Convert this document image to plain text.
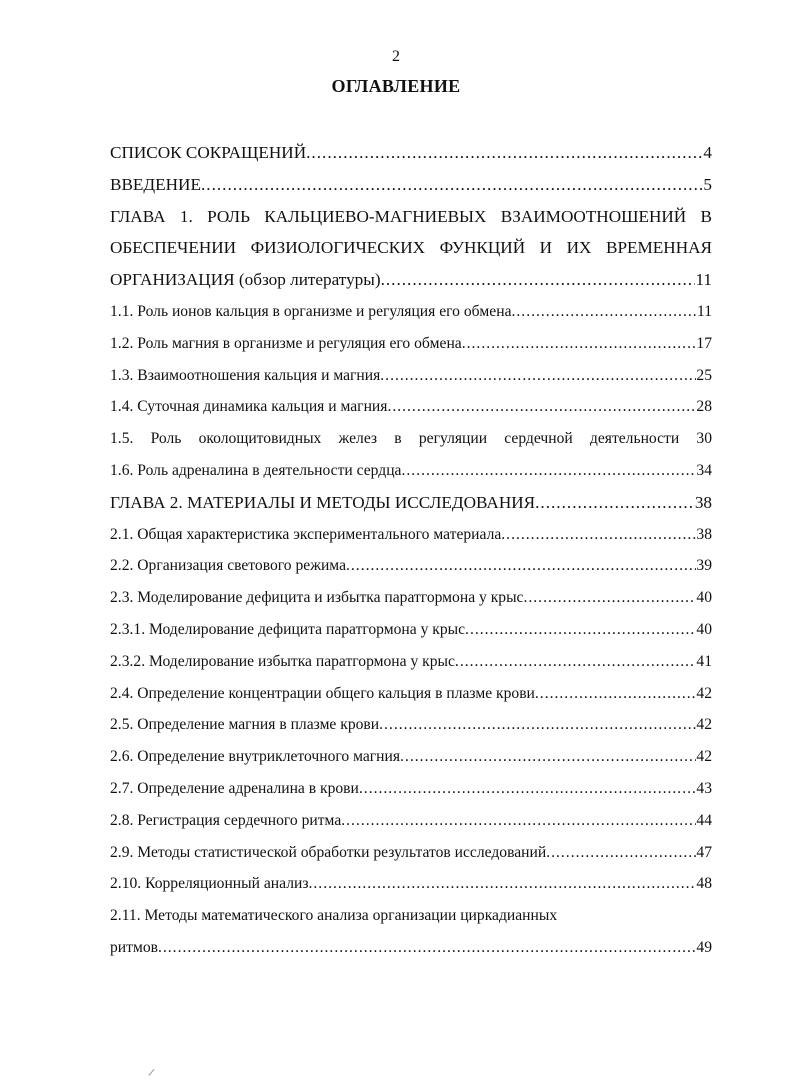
2
ОГЛАВЛЕНИЕ
СПИСОК СОКРАЩЕНИЙ .....	4
ВВЕДЕНИЕ .....	5
ГЛАВА 1. РОЛЬ КАЛЬЦИЕВО-МАГНИЕВЫХ ВЗАИМООТНОШЕНИЙ В
ОБЕСПЕЧЕНИИ ФИЗИОЛОГИЧЕСКИХ ФУНКЦИЙ И ИХ ВРЕМЕННАЯ
ОРГАНИЗАЦИЯ (обзор литературы) .....	11
1.1. Роль ионов кальция в организме и регуляция его обмена .....	11
1.2. Роль магния в организме и регуляция его обмена .....	17
1.3. Взаимоотношения кальция и магния .....	25
1.4. Суточная динамика кальция и магния .....	28
1.5. Роль околощитовидных желез в регуляции сердечной деятельности 30
1.6. Роль адреналина в деятельности сердца .....	34
ГЛАВА 2. МАТЕРИАЛЫ И МЕТОДЫ ИССЛЕДОВАНИЯ .....	38
2.1. Общая характеристика экспериментального материала .....	38
2.2. Организация светового режима .....	39
2.3. Моделирование дефицита и избытка паратгормона у крыс .....	40
2.3.1. Моделирование дефицита паратгормона у крыс .....	40
2.3.2. Моделирование избытка паратгормона у крыс .....	41
2.4. Определение концентрации общего кальция в плазме крови .....	42
2.5. Определение магния в плазме крови .....	42
2.6. Определение внутриклеточного магния .....	42
2.7. Определение адреналина в крови .....	43
2.8. Регистрация сердечного ритма .....	44
2.9. Методы статистической обработки результатов исследований .....	47
2.10. Корреляционный анализ .....	48
2.11. Методы математического анализа организации циркадианных
ритмов .....	49
